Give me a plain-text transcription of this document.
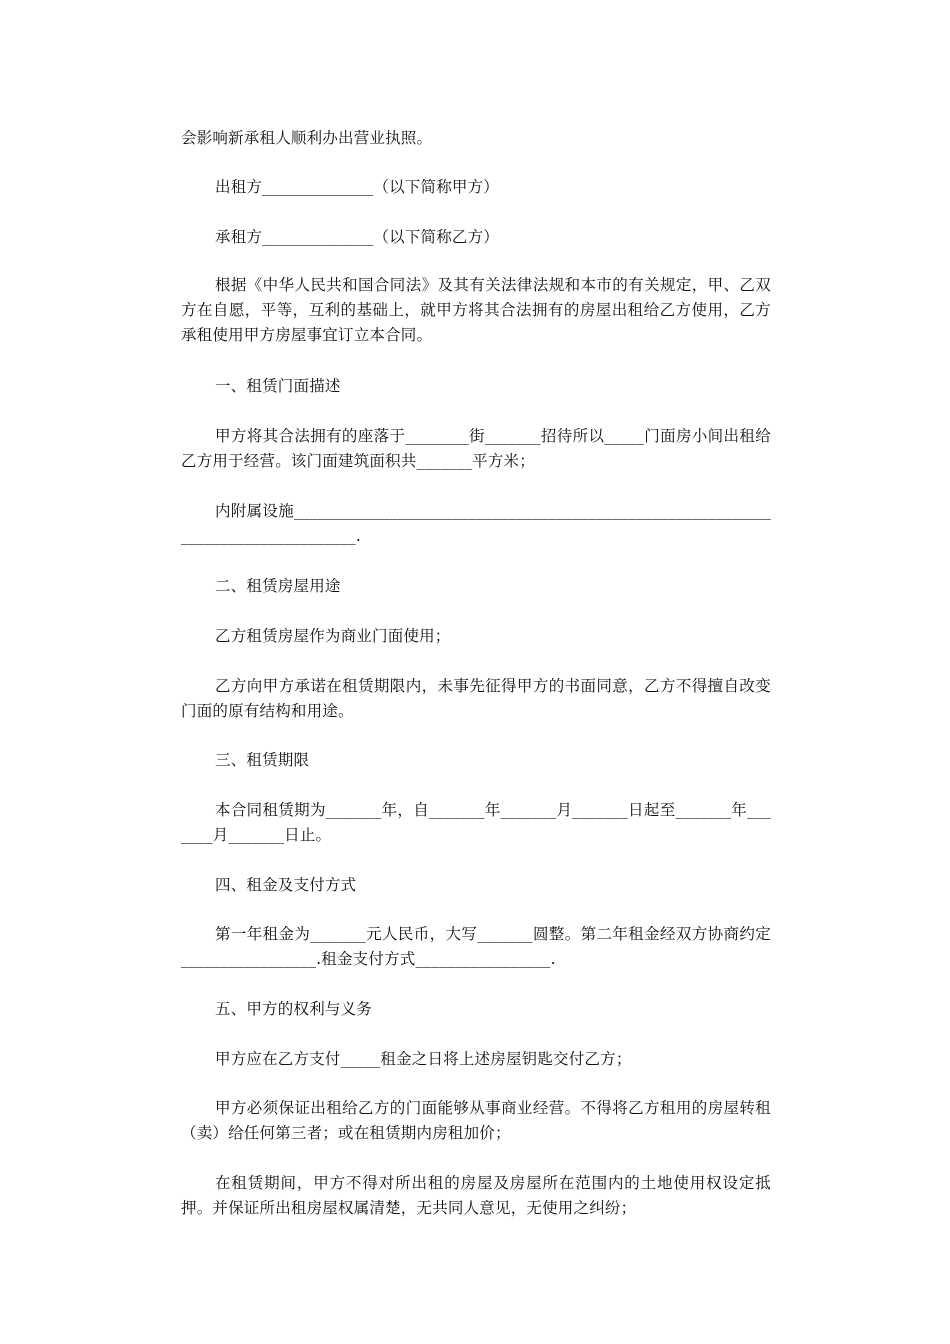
会影响新承租人顺利办出营业执照。

出租方______________（以下简称甲方）

承租方______________（以下简称乙方）

根据《中华人民共和国合同法》及其有关法律法规和本市的有关规定，甲、乙双方在自愿，平等，互利的基础上，就甲方将其合法拥有的房屋出租给乙方使用，乙方承租使用甲方房屋事宜订立本合同。

一、租赁门面描述

甲方将其合法拥有的座落于________街_______招待所以_____门面房小间出租给乙方用于经营。该门面建筑面积共_______平方米；

内附属设施__________________________________________________________________________________.

二、租赁房屋用途

乙方租赁房屋作为商业门面使用；

乙方向甲方承诺在租赁期限内，未事先征得甲方的书面同意，乙方不得擅自改变门面的原有结构和用途。

三、租赁期限

本合同租赁期为_______年，自_______年_______月_______日起至_______年_______月_______日止。

四、租金及支付方式

第一年租金为_______元人民币，大写_______圆整。第二年租金经双方协商约定_________________.租金支付方式_________________.

五、甲方的权利与义务

甲方应在乙方支付_____租金之日将上述房屋钥匙交付乙方；

甲方必须保证出租给乙方的门面能够从事商业经营。不得将乙方租用的房屋转租（卖）给任何第三者；或在租赁期内房租加价；

在租赁期间，甲方不得对所出租的房屋及房屋所在范围内的土地使用权设定抵押。并保证所出租房屋权属清楚，无共同人意见，无使用之纠纷；
